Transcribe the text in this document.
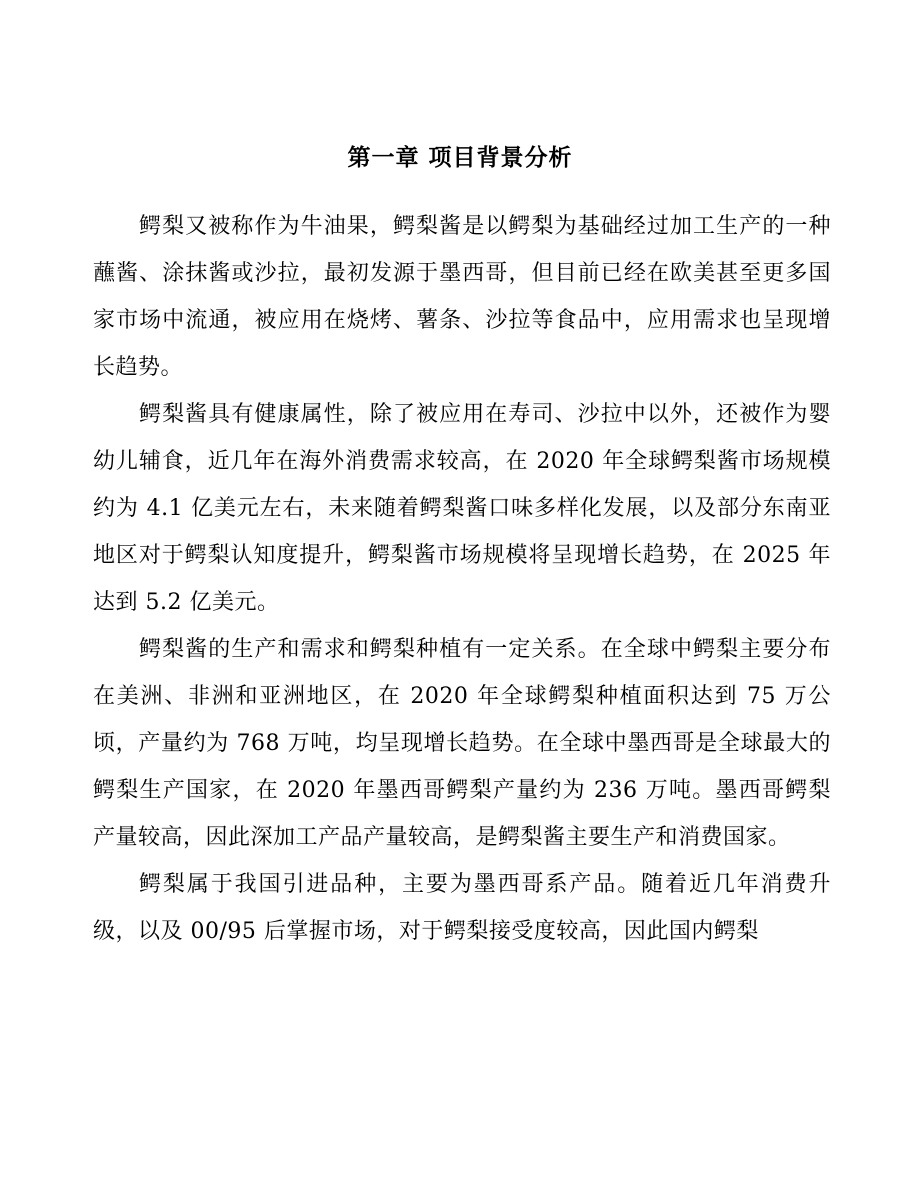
第一章 项目背景分析

鳄梨又被称作为牛油果，鳄梨酱是以鳄梨为基础经过加工生产的一种蘸酱、涂抹酱或沙拉，最初发源于墨西哥，但目前已经在欧美甚至更多国家市场中流通，被应用在烧烤、薯条、沙拉等食品中，应用需求也呈现增长趋势。

鳄梨酱具有健康属性，除了被应用在寿司、沙拉中以外，还被作为婴幼儿辅食，近几年在海外消费需求较高，在 2020 年全球鳄梨酱市场规模约为 4.1 亿美元左右，未来随着鳄梨酱口味多样化发展，以及部分东南亚地区对于鳄梨认知度提升，鳄梨酱市场规模将呈现增长趋势，在 2025 年达到 5.2 亿美元。

鳄梨酱的生产和需求和鳄梨种植有一定关系。在全球中鳄梨主要分布在美洲、非洲和亚洲地区，在 2020 年全球鳄梨种植面积达到 75 万公顷，产量约为 768 万吨，均呈现增长趋势。在全球中墨西哥是全球最大的鳄梨生产国家，在 2020 年墨西哥鳄梨产量约为 236 万吨。墨西哥鳄梨产量较高，因此深加工产品产量较高，是鳄梨酱主要生产和消费国家。

鳄梨属于我国引进品种，主要为墨西哥系产品。随着近几年消费升级，以及 00/95 后掌握市场，对于鳄梨接受度较高，因此国内鳄梨
